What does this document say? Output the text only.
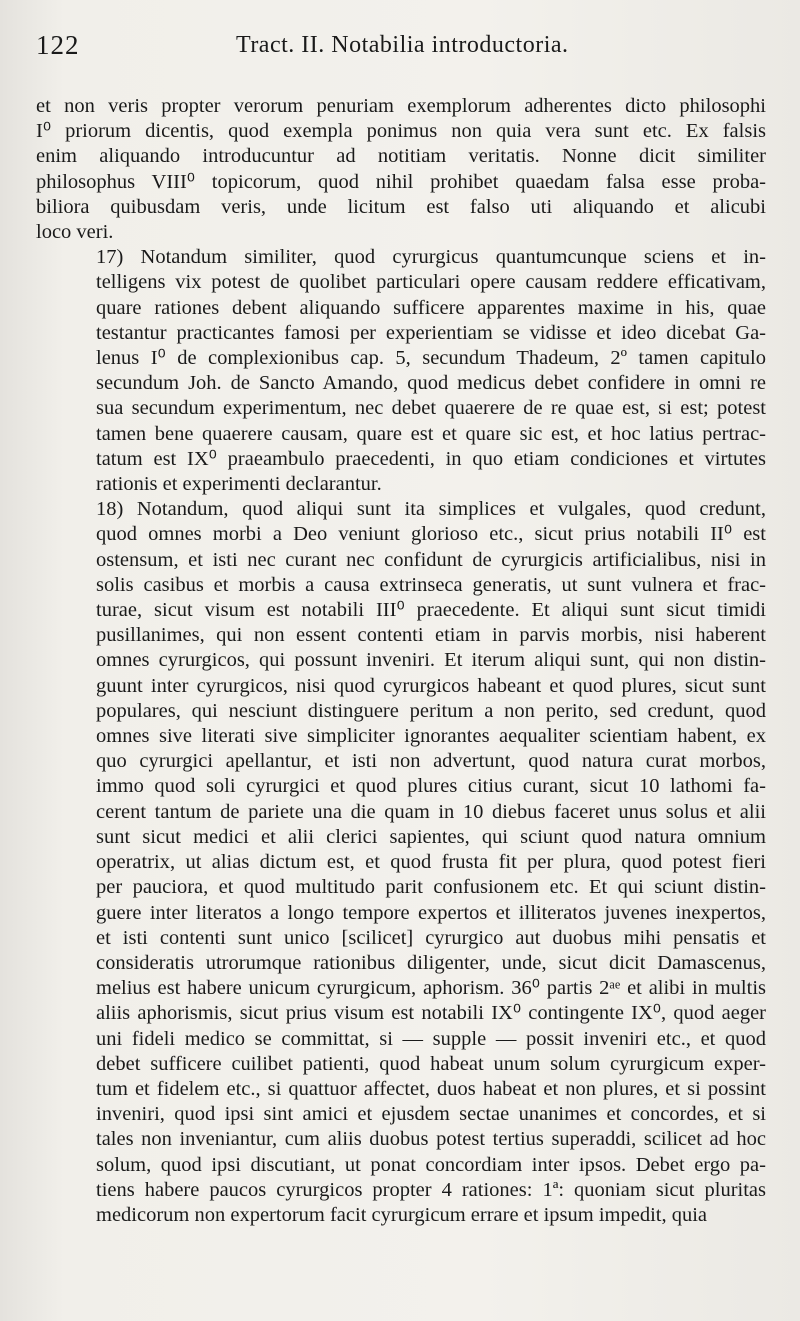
122	Tract. II. Notabilia introductoria.

et non veris propter verorum penuriam exemplorum adherentes dicto philosophi
I⁰ priorum dicentis, quod exempla ponimus non quia vera sunt etc. Ex falsis
enim aliquando introducuntur ad notitiam veritatis. Nonne dicit similiter
philosophus VIII⁰ topicorum, quod nihil prohibet quaedam falsa esse proba-
biliora quibusdam veris, unde licitum est falso uti aliquando et alicubi
loco veri.

17) Notandum similiter, quod cyrurgicus quantumcunque sciens et in-
telligens vix potest de quolibet particulari opere causam reddere efficativam,
quare rationes debent aliquando sufficere apparentes maxime in his, quae
testantur practicantes famosi per experientiam se vidisse et ideo dicebat Ga-
lenus I⁰ de complexionibus cap. 5, secundum Thadeum, 2º tamen capitulo
secundum Joh. de Sancto Amando, quod medicus debet confidere in omni re
sua secundum experimentum, nec debet quaerere de re quae est, si est; potest
tamen bene quaerere causam, quare est et quare sic est, et hoc latius pertrac-
tatum est IX⁰ praeambulo praecedenti, in quo etiam condiciones et virtutes
rationis et experimenti declarantur.

18) Notandum, quod aliqui sunt ita simplices et vulgales, quod credunt,
quod omnes morbi a Deo veniunt glorioso etc., sicut prius notabili II⁰ est
ostensum, et isti nec curant nec confidunt de cyrurgicis artificialibus, nisi in
solis casibus et morbis a causa extrinseca generatis, ut sunt vulnera et frac-
turae, sicut visum est notabili III⁰ praecedente. Et aliqui sunt sicut timidi
pusillanimes, qui non essent contenti etiam in parvis morbis, nisi haberent
omnes cyrurgicos, qui possunt inveniri. Et iterum aliqui sunt, qui non distin-
guunt inter cyrurgicos, nisi quod cyrurgicos habeant et quod plures, sicut sunt
populares, qui nesciunt distinguere peritum a non perito, sed credunt, quod
omnes sive literati sive simpliciter ignorantes aequaliter scientiam habent, ex
quo cyrurgici apellantur, et isti non advertunt, quod natura curat morbos,
immo quod soli cyrurgici et quod plures citius curant, sicut 10 lathomi fa-
cerent tantum de pariete una die quam in 10 diebus faceret unus solus et alii
sunt sicut medici et alii clerici sapientes, qui sciunt quod natura omnium
operatrix, ut alias dictum est, et quod frusta fit per plura, quod potest fieri
per pauciora, et quod multitudo parit confusionem etc. Et qui sciunt distin-
guere inter literatos a longo tempore expertos et illiteratos juvenes inexpertos,
et isti contenti sunt unico [scilicet] cyrurgico aut duobus mihi pensatis et
consideratis utrorumque rationibus diligenter, unde, sicut dicit Damascenus,
melius est habere unicum cyrurgicum, aphorism. 36⁰ partis 2ᵃᵉ et alibi in multis
aliis aphorismis, sicut prius visum est notabili IX⁰ contingente IX⁰, quod aeger
uni fideli medico se committat, si — supple — possit inveniri etc., et quod
debet sufficere cuilibet patienti, quod habeat unum solum cyrurgicum exper-
tum et fidelem etc., si quattuor affectet, duos habeat et non plures, et si possint
inveniri, quod ipsi sint amici et ejusdem sectae unanimes et concordes, et si
tales non inveniantur, cum aliis duobus potest tertius superaddi, scilicet ad hoc
solum, quod ipsi discutiant, ut ponat concordiam inter ipsos. Debet ergo pa-
tiens habere paucos cyrurgicos propter 4 rationes: 1ª: quoniam sicut pluritas
medicorum non expertorum facit cyrurgicum errare et ipsum impedit, quia
